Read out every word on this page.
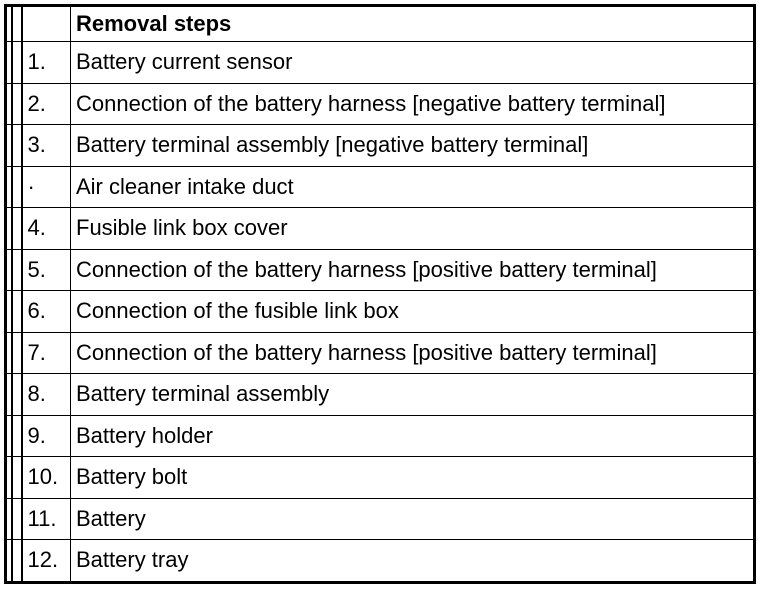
			Removal steps
		1.	Battery current sensor
		2.	Connection of the battery harness [negative battery terminal]
		3.	Battery terminal assembly [negative battery terminal]
		·	Air cleaner intake duct
		4.	Fusible link box cover
		5.	Connection of the battery harness [positive battery terminal]
		6.	Connection of the fusible link box
		7.	Connection of the battery harness [positive battery terminal]
		8.	Battery terminal assembly
		9.	Battery holder
		10.	Battery bolt
		11.	Battery
		12.	Battery tray
